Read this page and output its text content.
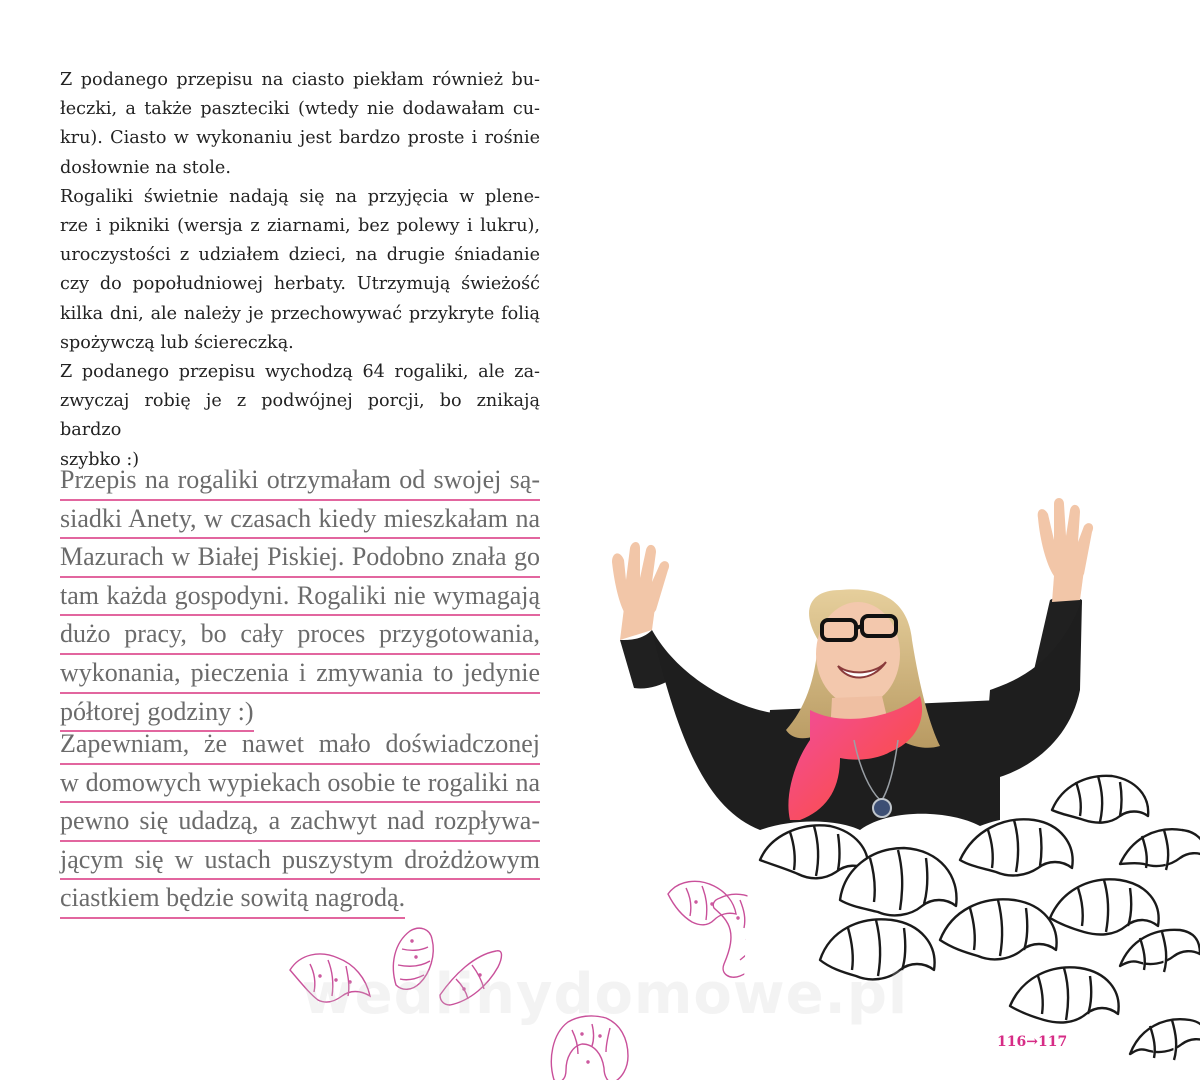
Z podanego przepisu na ciasto piekłam również bu-
łeczki, a także paszteciki (wtedy nie dodawałam cu-
kru). Ciasto w wykonaniu jest bardzo proste i rośnie
dosłownie na stole.

Rogaliki świetnie nadają się na przyjęcia w plene-
rze i pikniki (wersja z ziarnami, bez polewy i lukru),
uroczystości z udziałem dzieci, na drugie śniadanie
czy do popołudniowej herbaty. Utrzymują świeżość
kilka dni, ale należy je przechowywać przykryte folią
spożywczą lub ściereczką.

Z podanego przepisu wychodzą 64 rogaliki, ale za-
zwyczaj robię je z podwójnej porcji, bo znikają bardzo
szybko :)

Przepis na rogaliki otrzymałam od swojej są-
siadki Anety, w czasach kiedy mieszkałam na
Mazurach w Białej Piskiej. Podobno znała go
tam każda gospodyni. Rogaliki nie wymagają
dużo pracy, bo cały proces przygotowania,
wykonania, pieczenia i zmywania to jedynie
półtorej godziny :)

Zapewniam, że nawet mało doświadczonej
w domowych wypiekach osobie te rogaliki na
pewno się udadzą, a zachwyt nad rozpływa-
jącym się w ustach puszystym drożdżowym
ciastkiem będzie sowitą nagrodą.

wedlinydomowe.pl
116→117
